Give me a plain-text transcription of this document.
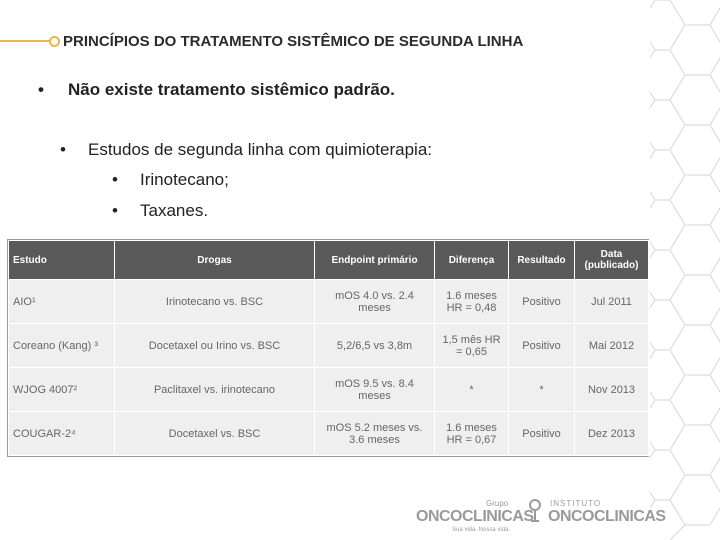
PRINCÍPIOS DO TRATAMENTO SISTÊMICO DE SEGUNDA LINHA
• Não existe tratamento sistêmico padrão.
• Estudos de segunda linha com quimioterapia:
• Irinotecano;
• Taxanes.
Estudo	Drogas	Endpoint primário	Diferença	Resultado	Data (publicado)
AIO¹	Irinotecano vs. BSC	mOS 4.0 vs. 2.4 meses	1.6 meses HR = 0,48	Positivo	Jul 2011
Coreano (Kang) ³	Docetaxel ou Irino vs. BSC	5,2/6,5 vs 3,8m	1,5 mês HR = 0,65	Positivo	Mai 2012
WJOG 4007²	Paclitaxel vs. irinotecano	mOS 9.5 vs. 8.4 meses	*	*	Nov 2013
COUGAR-2⁴	Docetaxel vs. BSC	mOS 5.2 meses vs. 3.6 meses	1.6 meses HR = 0,67	Positivo	Dez 2013
Grupo
ONCOCLINICAS
Sua vida. Nossa vida.
INSTITUTO
ONCOCLINICAS
